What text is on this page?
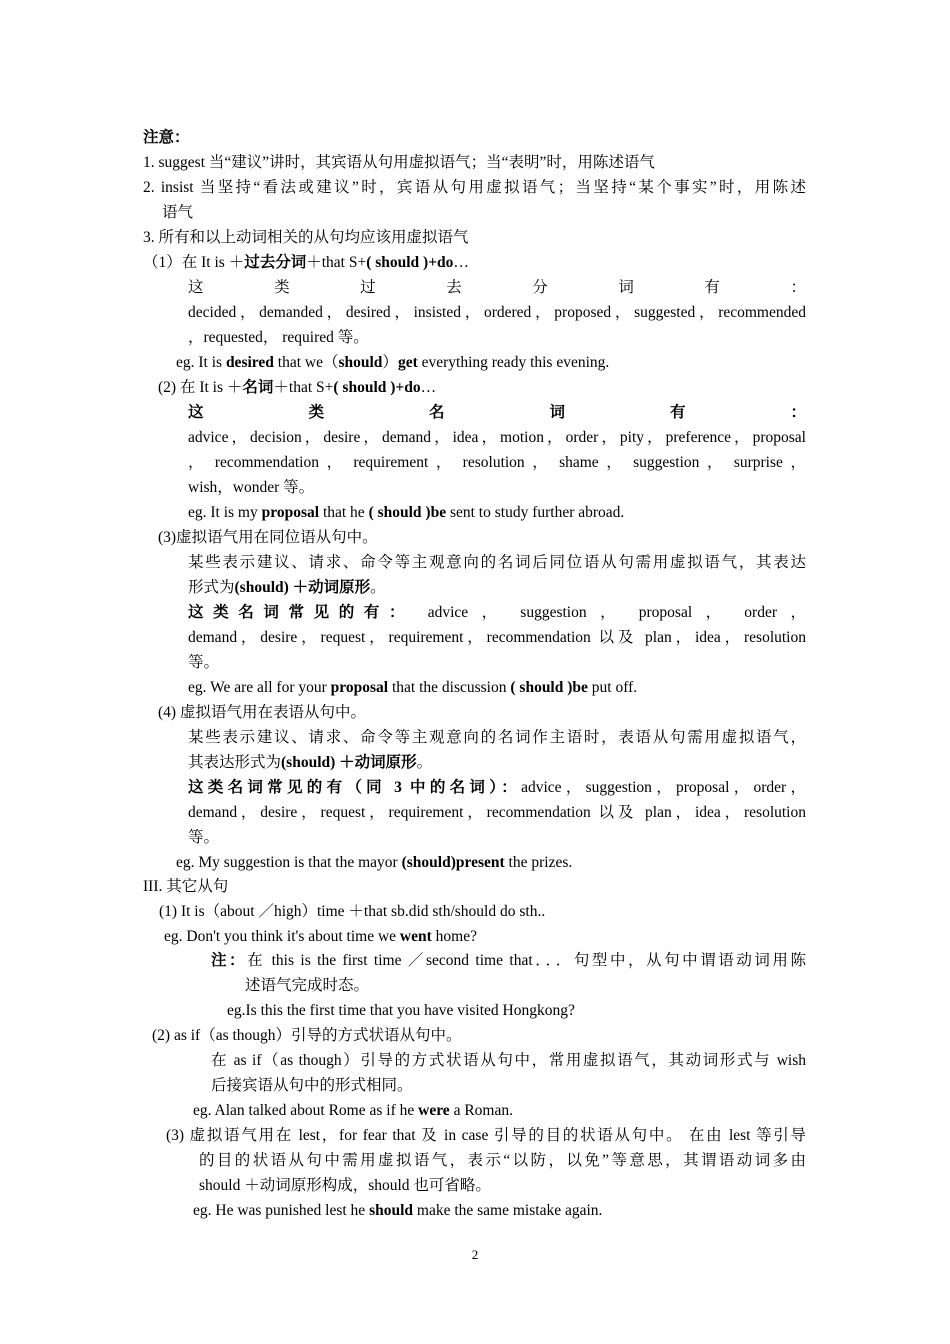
注意：
1. suggest 当“建议”讲时，其宾语从句用虚拟语气；当“表明”时，用陈述语气
2. insist 当坚持“看法或建议”时，宾语从句用虚拟语气；当坚持“某个事实”时，用陈述
语气
3. 所有和以上动词相关的从句均应该用虚拟语气
（1）在 It is ＋过去分词＋that S+( should )+do…
这 类 过 去 分 词 有 ：
decided，demanded，desired，insisted，ordered，proposed，suggested，recommended
，requested， required 等。
eg. It is desired that we（should）get everything ready this evening.
(2) 在 It is ＋名词＋that S+( should )+do…
这 类 名 词 有 ：
advice，decision，desire，demand，idea，motion，order，pity，preference，proposal
， recommendation ， requirement ， resolution ， shame ， suggestion ， surprise ，
wish，wonder 等。
eg. It is my proposal that he ( should )be sent to study further abroad.
(3)虚拟语气用在同位语从句中。
某些表示建议、请求、命令等主观意向的名词后同位语从句需用虚拟语气，其表达
形式为(should) ＋动词原形。
这类名词常见的有： advice ， suggestion ， proposal ， order ，
demand，desire，request，requirement，recommendation 以及 plan，idea，resolution
等。
eg. We are all for your proposal that the discussion ( should )be put off.
(4) 虚拟语气用在表语从句中。
某些表示建议、请求、命令等主观意向的名词作主语时，表语从句需用虚拟语气，
其表达形式为(should) ＋动词原形。
这类名词常见的有（同 3 中的名词）：advice，suggestion，proposal，order，
demand，desire，request，requirement，recommendation 以及 plan，idea，resolution
等。
eg. My suggestion is that the mayor (should)present the prizes.
III. 其它从句
(1) It is（about ／high）time ＋that sb.did sth/should do sth..
eg. Don't you think it's about time we went home?
注：在 this is the first time ／second time that．．．句型中，从句中谓语动词用陈
述语气完成时态。
eg.Is this the first time that you have visited Hongkong?
(2) as if（as though）引导的方式状语从句中。
在 as if（as though）引导的方式状语从句中，常用虚拟语气，其动词形式与 wish
后接宾语从句中的形式相同。
eg. Alan talked about Rome as if he were a Roman.
(3) 虚拟语气用在 lest，for fear that 及 in case 引导的目的状语从句中。 在由 lest 等引导
的目的状语从句中需用虚拟语气，表示“以防，以免”等意思，其谓语动词多由
should ＋动词原形构成，should 也可省略。
eg. He was punished lest he should make the same mistake again.
2
